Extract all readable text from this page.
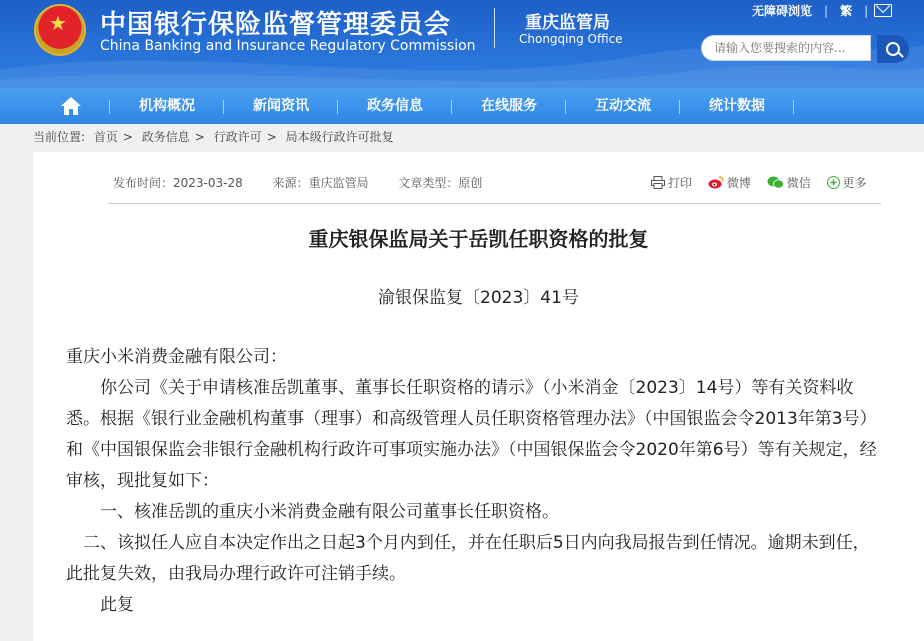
★ 中国银行保险监督管理委员会
China Banking and Insurance Regulatory Commission
重庆监管局
Chongqing Office
无障碍浏览 | 繁 |
请输入您要搜索的内容...
机构概况	新闻资讯	政务信息	在线服务	互动交流	统计数据
当前位置: 首页 > 政务信息 > 行政许可 > 局本级行政许可批复
发布时间：2023-03-28 来源：重庆监管局 文章类型：原创	打印	微博	微信	更多
重庆银保监局关于岳凯任职资格的批复
渝银保监复〔2023〕41号

重庆小米消费金融有限公司：

你公司《关于申请核准岳凯董事、董事长任职资格的请示》（小米消金〔2023〕14号）等有关资料收悉。根据《银行业金融机构董事（理事）和高级管理人员任职资格管理办法》（中国银监会令2013年第3号）和《中国银保监会非银行金融机构行政许可事项实施办法》（中国银保监会令2020年第6号）等有关规定，经审核，现批复如下：

一、核准岳凯的重庆小米消费金融有限公司董事长任职资格。

二、该拟任人应自本决定作出之日起3个月内到任，并在任职后5日内向我局报告到任情况。逾期未到任，此批复失效，由我局办理行政许可注销手续。

此复
